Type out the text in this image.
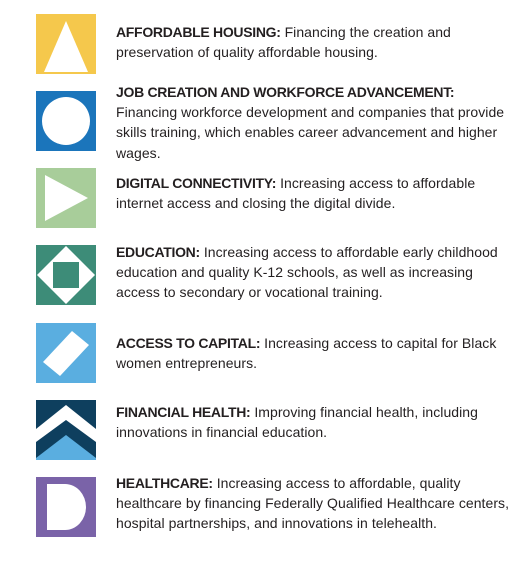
AFFORDABLE HOUSING: Financing the creation and preservation of quality affordable housing.
JOB CREATION AND WORKFORCE ADVANCEMENT: Financing workforce development and companies that provide skills training, which enables career advancement and higher wages.
DIGITAL CONNECTIVITY: Increasing access to affordable internet access and closing the digital divide.
EDUCATION: Increasing access to affordable early childhood education and quality K-12 schools, as well as increasing access to secondary or vocational training.
ACCESS TO CAPITAL: Increasing access to capital for Black women entrepreneurs.
FINANCIAL HEALTH: Improving financial health, including innovations in financial education.
HEALTHCARE: Increasing access to affordable, quality healthcare by financing Federally Qualified Healthcare centers, hospital partnerships, and innovations in telehealth.
